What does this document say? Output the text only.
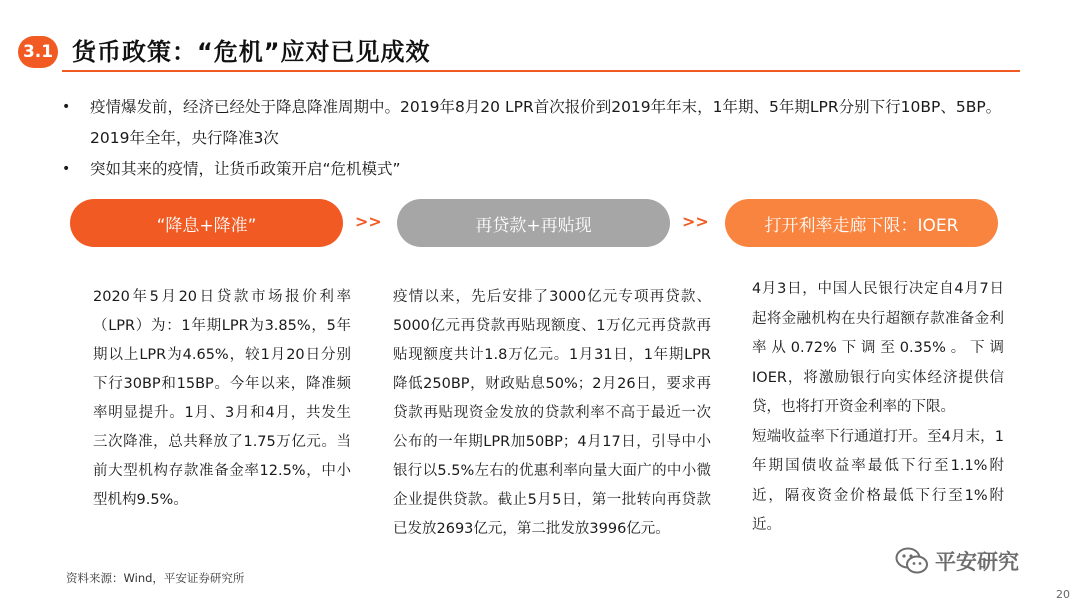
3.1 货币政策：“危机”应对已见成效
• 疫情爆发前，经济已经处于降息降准周期中。2019年8月20 LPR首次报价到2019年年末，1年期、5年期LPR分别下行10BP、5BP。2019年全年，央行降准3次
• 突如其来的疫情，让货币政策开启“危机模式”
“降息+降准”	>>	再贷款+再贴现	>>	打开利率走廊下限：IOER

2020年5月20日贷款市场报价利率（LPR）为：1年期LPR为3.85%，5年期以上LPR为4.65%，较1月20日分别下行30BP和15BP。今年以来，降准频率明显提升。1月、3月和4月，共发生三次降准，总共释放了1.75万亿元。当前大型机构存款准备金率12.5%，中小型机构9.5%。

疫情以来，先后安排了3000亿元专项再贷款、5000亿元再贷款再贴现额度、1万亿元再贷款再贴现额度共计1.8万亿元。1月31日，1年期LPR降低250BP，财政贴息50%；2月26日，要求再贷款再贴现资金发放的贷款利率不高于最近一次公布的一年期LPR加50BP；4月17日，引导中小银行以5.5%左右的优惠利率向量大面广的中小微企业提供贷款。截止5月5日，第一批转向再贷款已发放2693亿元，第二批发放3996亿元。

4月3日，中国人民银行决定自4月7日起将金融机构在央行超额存款准备金利率从0.72%下调至0.35%。下调IOER，将激励银行向实体经济提供信贷，也将打开资金利率的下限。

短端收益率下行通道打开。至4月末，1年期国债收益率最低下行至1.1%附近，隔夜资金价格最低下行至1%附近。

资料来源：Wind，平安证券研究所
平安研究
20
